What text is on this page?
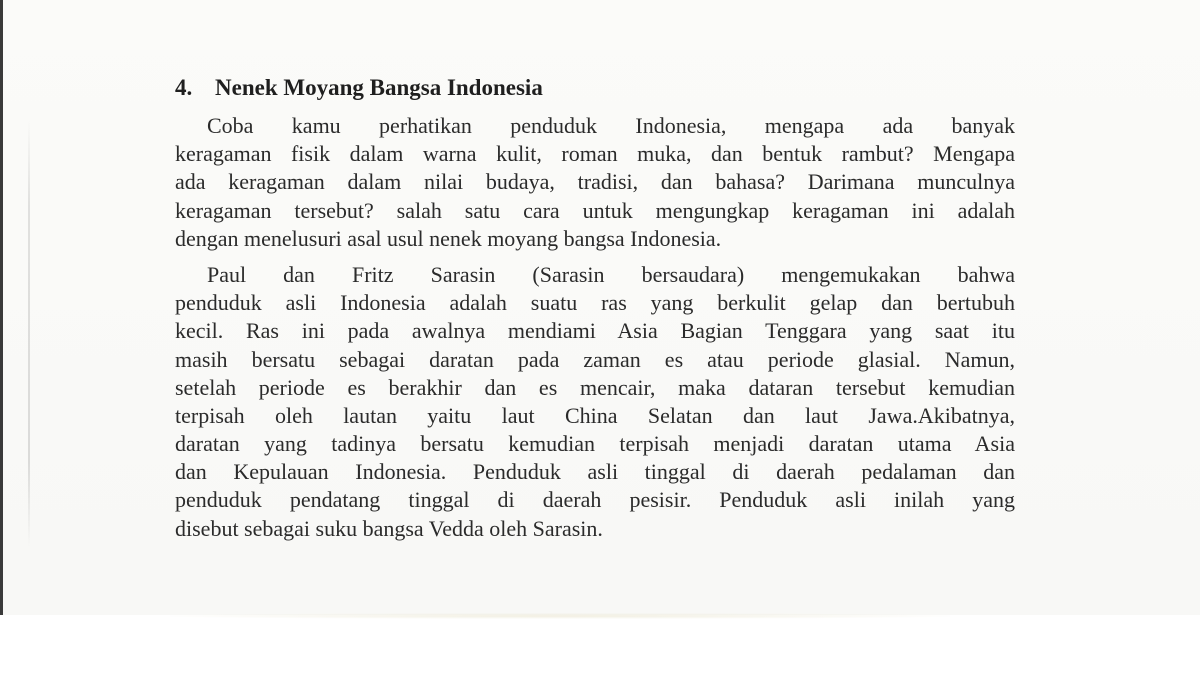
4. Nenek Moyang Bangsa Indonesia
Coba kamu perhatikan penduduk Indonesia, mengapa ada banyak
keragaman fisik dalam warna kulit, roman muka, dan bentuk rambut? Mengapa
ada keragaman dalam nilai budaya, tradisi, dan bahasa? Darimana munculnya
keragaman tersebut? salah satu cara untuk mengungkap keragaman ini adalah
dengan menelusuri asal usul nenek moyang bangsa Indonesia.
Paul dan Fritz Sarasin (Sarasin bersaudara) mengemukakan bahwa
penduduk asli Indonesia adalah suatu ras yang berkulit gelap dan bertubuh
kecil. Ras ini pada awalnya mendiami Asia Bagian Tenggara yang saat itu
masih bersatu sebagai daratan pada zaman es atau periode glasial. Namun,
setelah periode es berakhir dan es mencair, maka dataran tersebut kemudian
terpisah oleh lautan yaitu laut China Selatan dan laut Jawa.Akibatnya,
daratan yang tadinya bersatu kemudian terpisah menjadi daratan utama Asia
dan Kepulauan Indonesia. Penduduk asli tinggal di daerah pedalaman dan
penduduk pendatang tinggal di daerah pesisir. Penduduk asli inilah yang
disebut sebagai suku bangsa Vedda oleh Sarasin.
